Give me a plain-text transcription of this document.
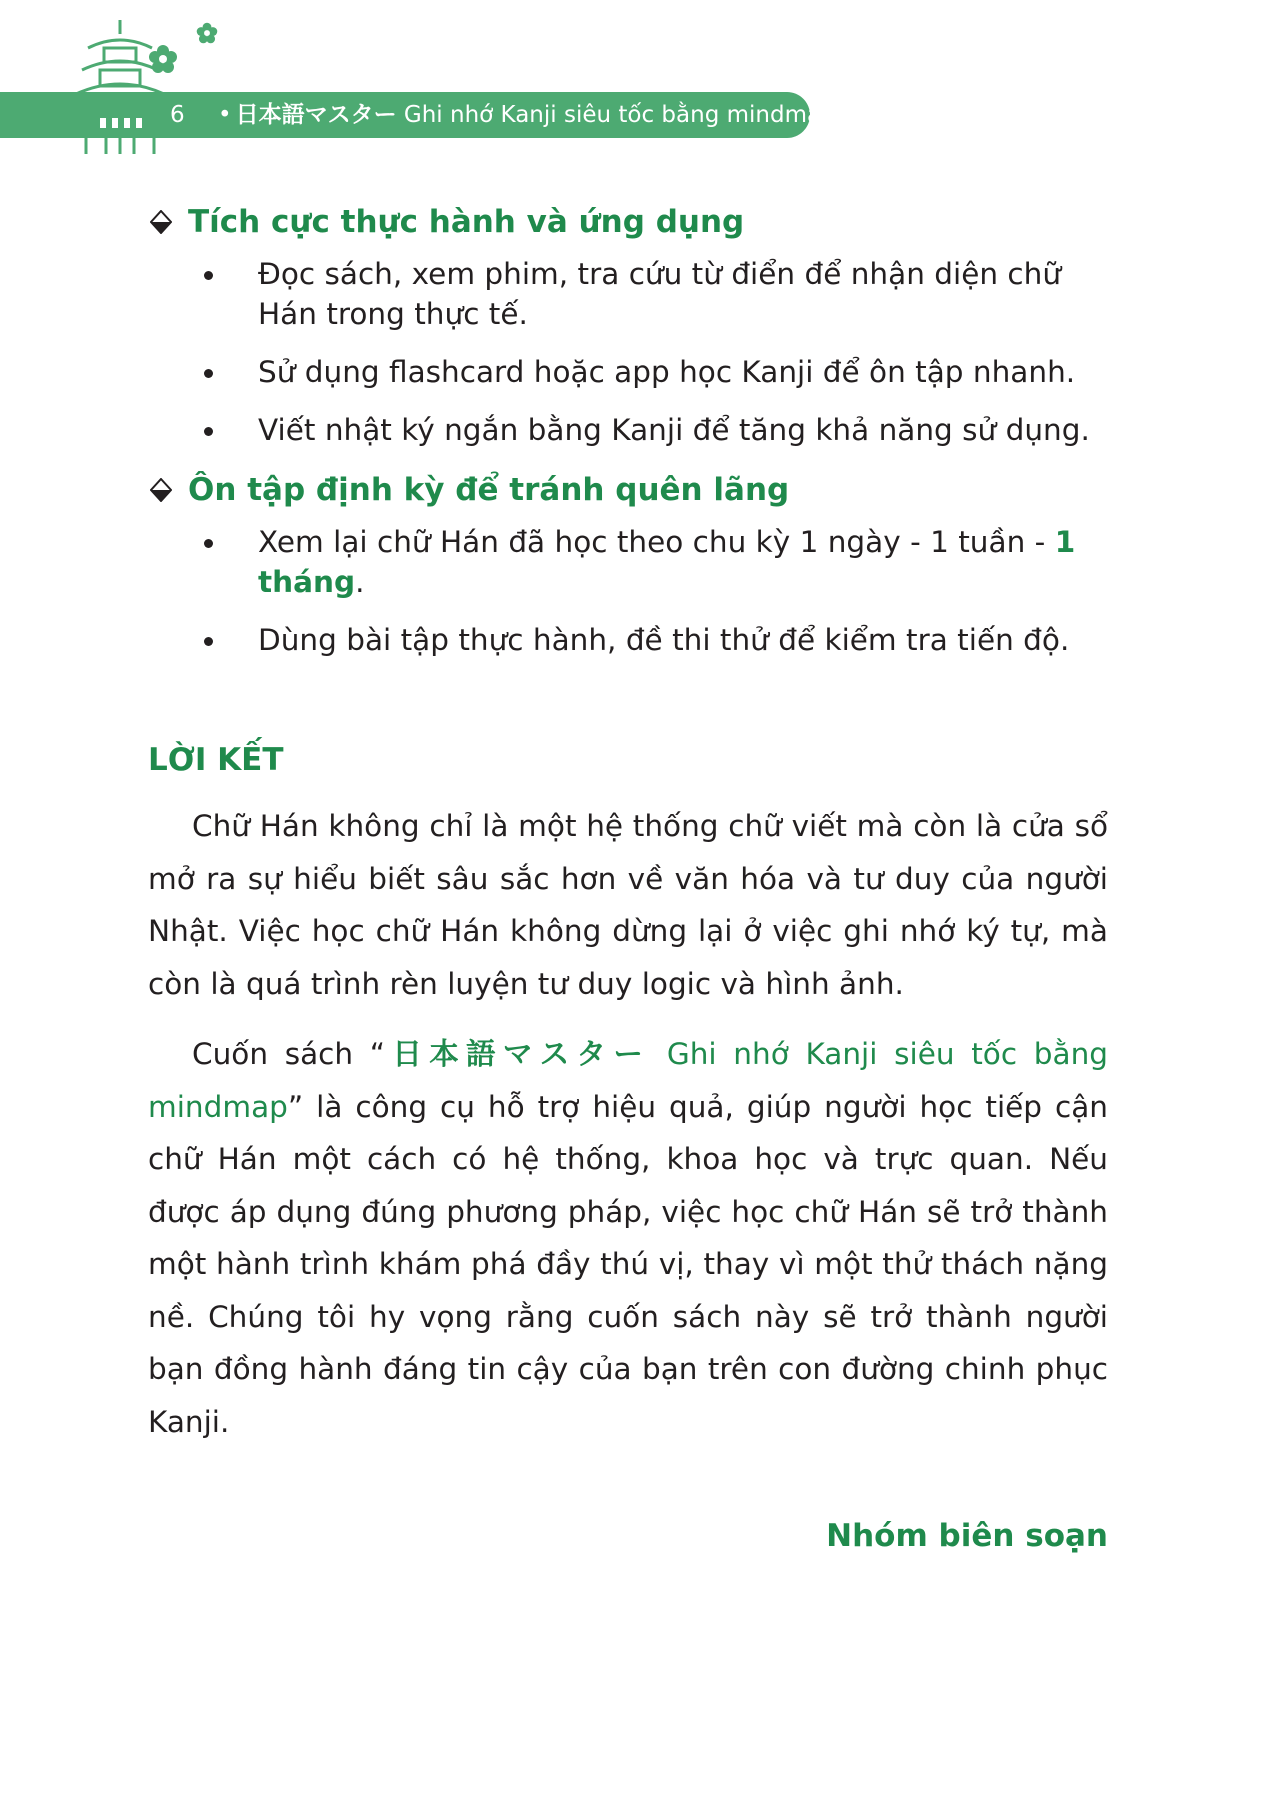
6 • 日本語マスター Ghi nhớ Kanji siêu tốc bằng mindmap
Tích cực thực hành và ứng dụng
Đọc sách, xem phim, tra cứu từ điển để nhận diện chữ Hán trong thực tế.
Sử dụng flashcard hoặc app học Kanji để ôn tập nhanh.
Viết nhật ký ngắn bằng Kanji để tăng khả năng sử dụng.
Ôn tập định kỳ để tránh quên lãng
Xem lại chữ Hán đã học theo chu kỳ 1 ngày - 1 tuần - 1 tháng.
Dùng bài tập thực hành, đề thi thử để kiểm tra tiến độ.
LỜI KẾT

Chữ Hán không chỉ là một hệ thống chữ viết mà còn là cửa sổ mở ra sự hiểu biết sâu sắc hơn về văn hóa và tư duy của người Nhật. Việc học chữ Hán không dừng lại ở việc ghi nhớ ký tự, mà còn là quá trình rèn luyện tư duy logic và hình ảnh.

Cuốn sách “日本語マスター Ghi nhớ Kanji siêu tốc bằng mindmap” là công cụ hỗ trợ hiệu quả, giúp người học tiếp cận chữ Hán một cách có hệ thống, khoa học và trực quan. Nếu được áp dụng đúng phương pháp, việc học chữ Hán sẽ trở thành một hành trình khám phá đầy thú vị, thay vì một thử thách nặng nề. Chúng tôi hy vọng rằng cuốn sách này sẽ trở thành người bạn đồng hành đáng tin cậy của bạn trên con đường chinh phục Kanji.

Nhóm biên soạn
